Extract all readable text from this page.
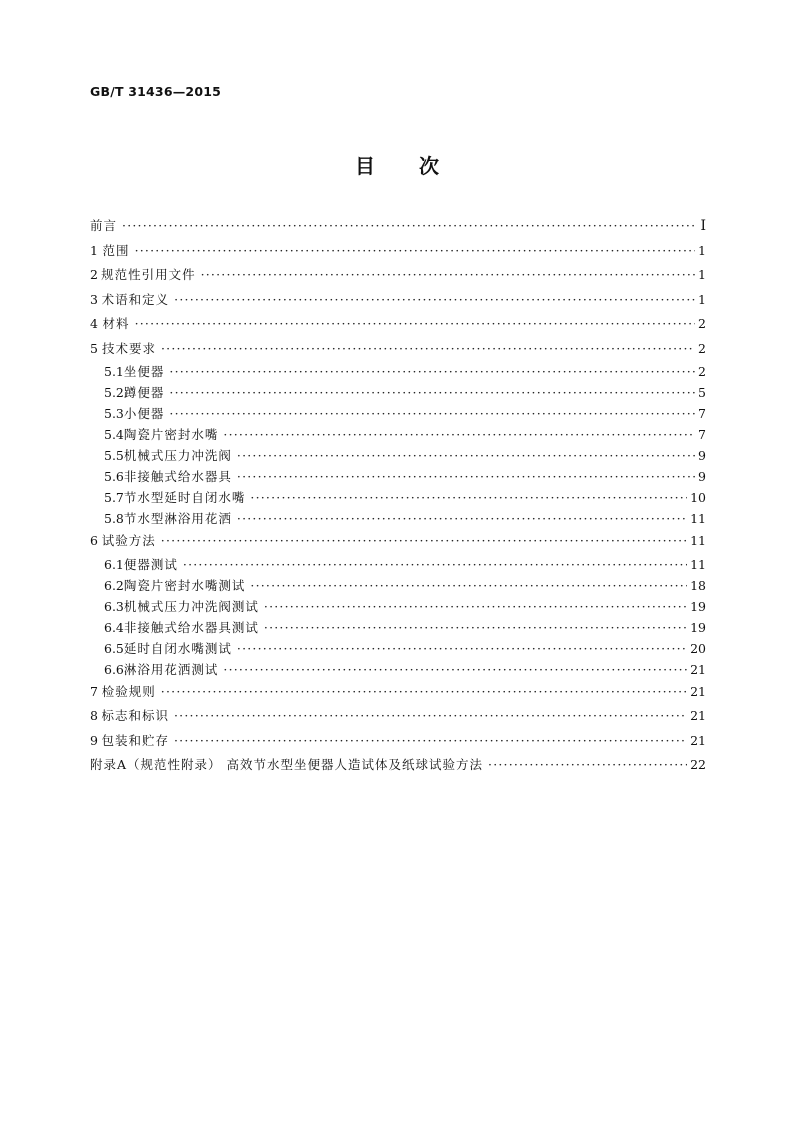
GB/T 31436—2015
目次
前言 ·····	Ⅰ
1 范围 ·····	1
2 规范性引用文件 ·····	1
3 术语和定义 ·····	1
4 材料 ·····	2
5 技术要求 ·····	2
5.1 坐便器 ·····	2
5.2 蹲便器 ·····	5
5.3 小便器 ·····	7
5.4 陶瓷片密封水嘴 ·····	7
5.5 机械式压力冲洗阀 ·····	9
5.6 非接触式给水器具 ·····	9
5.7 节水型延时自闭水嘴 ·····	10
5.8 节水型淋浴用花洒 ·····	11
6 试验方法 ·····	11
6.1 便器测试 ·····	11
6.2 陶瓷片密封水嘴测试 ·····	18
6.3 机械式压力冲洗阀测试 ·····	19
6.4 非接触式给水器具测试 ·····	19
6.5 延时自闭水嘴测试 ·····	20
6.6 淋浴用花洒测试 ·····	21
7 检验规则 ·····	21
8 标志和标识 ·····	21
9 包装和贮存 ·····	21
附录A（规范性附录） 高效节水型坐便器人造试体及纸球试验方法 ·····	22
